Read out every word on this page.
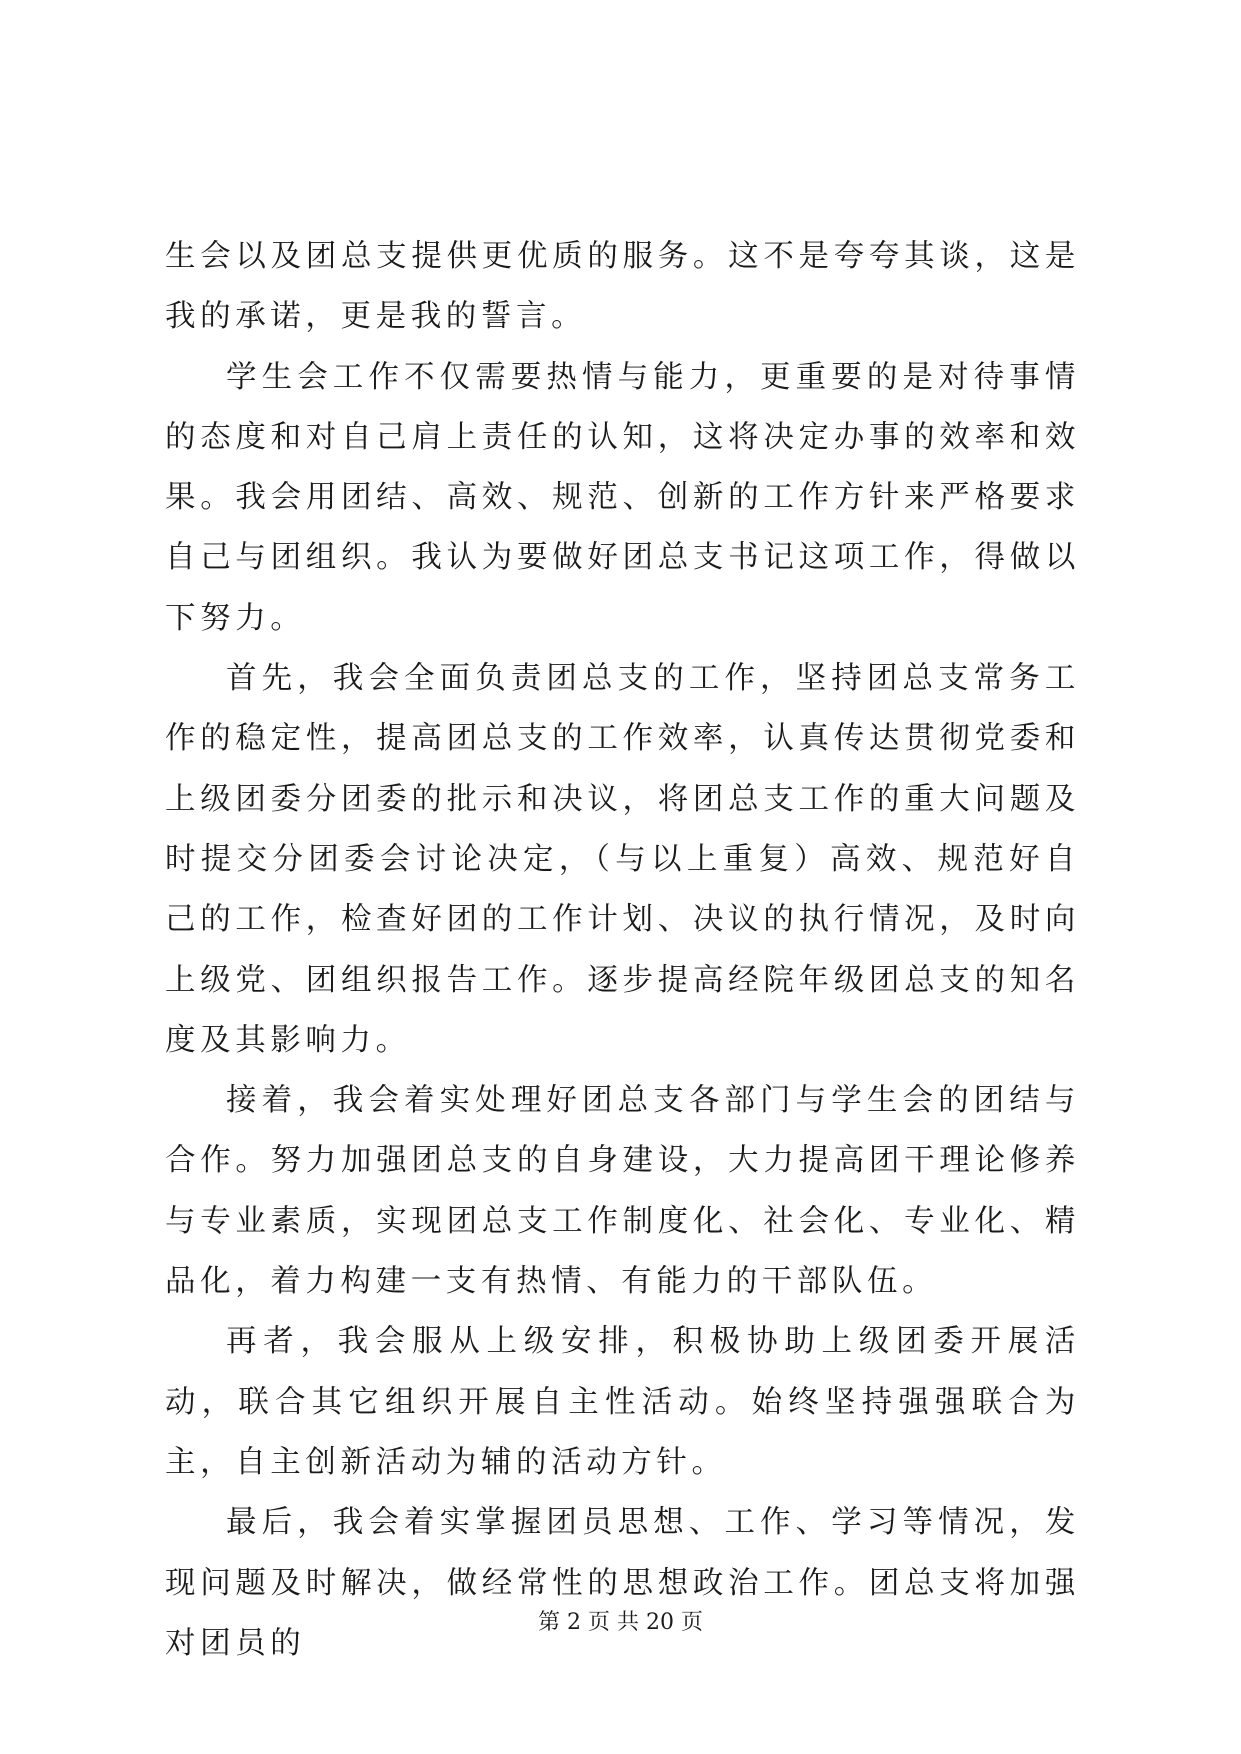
生会以及团总支提供更优质的服务。这不是夸夸其谈，这是我的承诺，更是我的誓言。

学生会工作不仅需要热情与能力，更重要的是对待事情的态度和对自己肩上责任的认知，这将决定办事的效率和效果。我会用团结、高效、规范、创新的工作方针来严格要求自己与团组织。我认为要做好团总支书记这项工作，得做以下努力。

首先，我会全面负责团总支的工作，坚持团总支常务工作的稳定性，提高团总支的工作效率，认真传达贯彻党委和上级团委分团委的批示和决议，将团总支工作的重大问题及时提交分团委会讨论决定，（与以上重复）高效、规范好自己的工作，检查好团的工作计划、决议的执行情况，及时向上级党、团组织报告工作。逐步提高经院年级团总支的知名度及其影响力。

接着，我会着实处理好团总支各部门与学生会的团结与合作。努力加强团总支的自身建设，大力提高团干理论修养与专业素质，实现团总支工作制度化、社会化、专业化、精品化，着力构建一支有热情、有能力的干部队伍。

再者，我会服从上级安排，积极协助上级团委开展活动，联合其它组织开展自主性活动。始终坚持强强联合为主，自主创新活动为辅的活动方针。

最后，我会着实掌握团员思想、工作、学习等情况，发现问题及时解决，做经常性的思想政治工作。团总支将加强对团员的

第 2 页 共 20 页
